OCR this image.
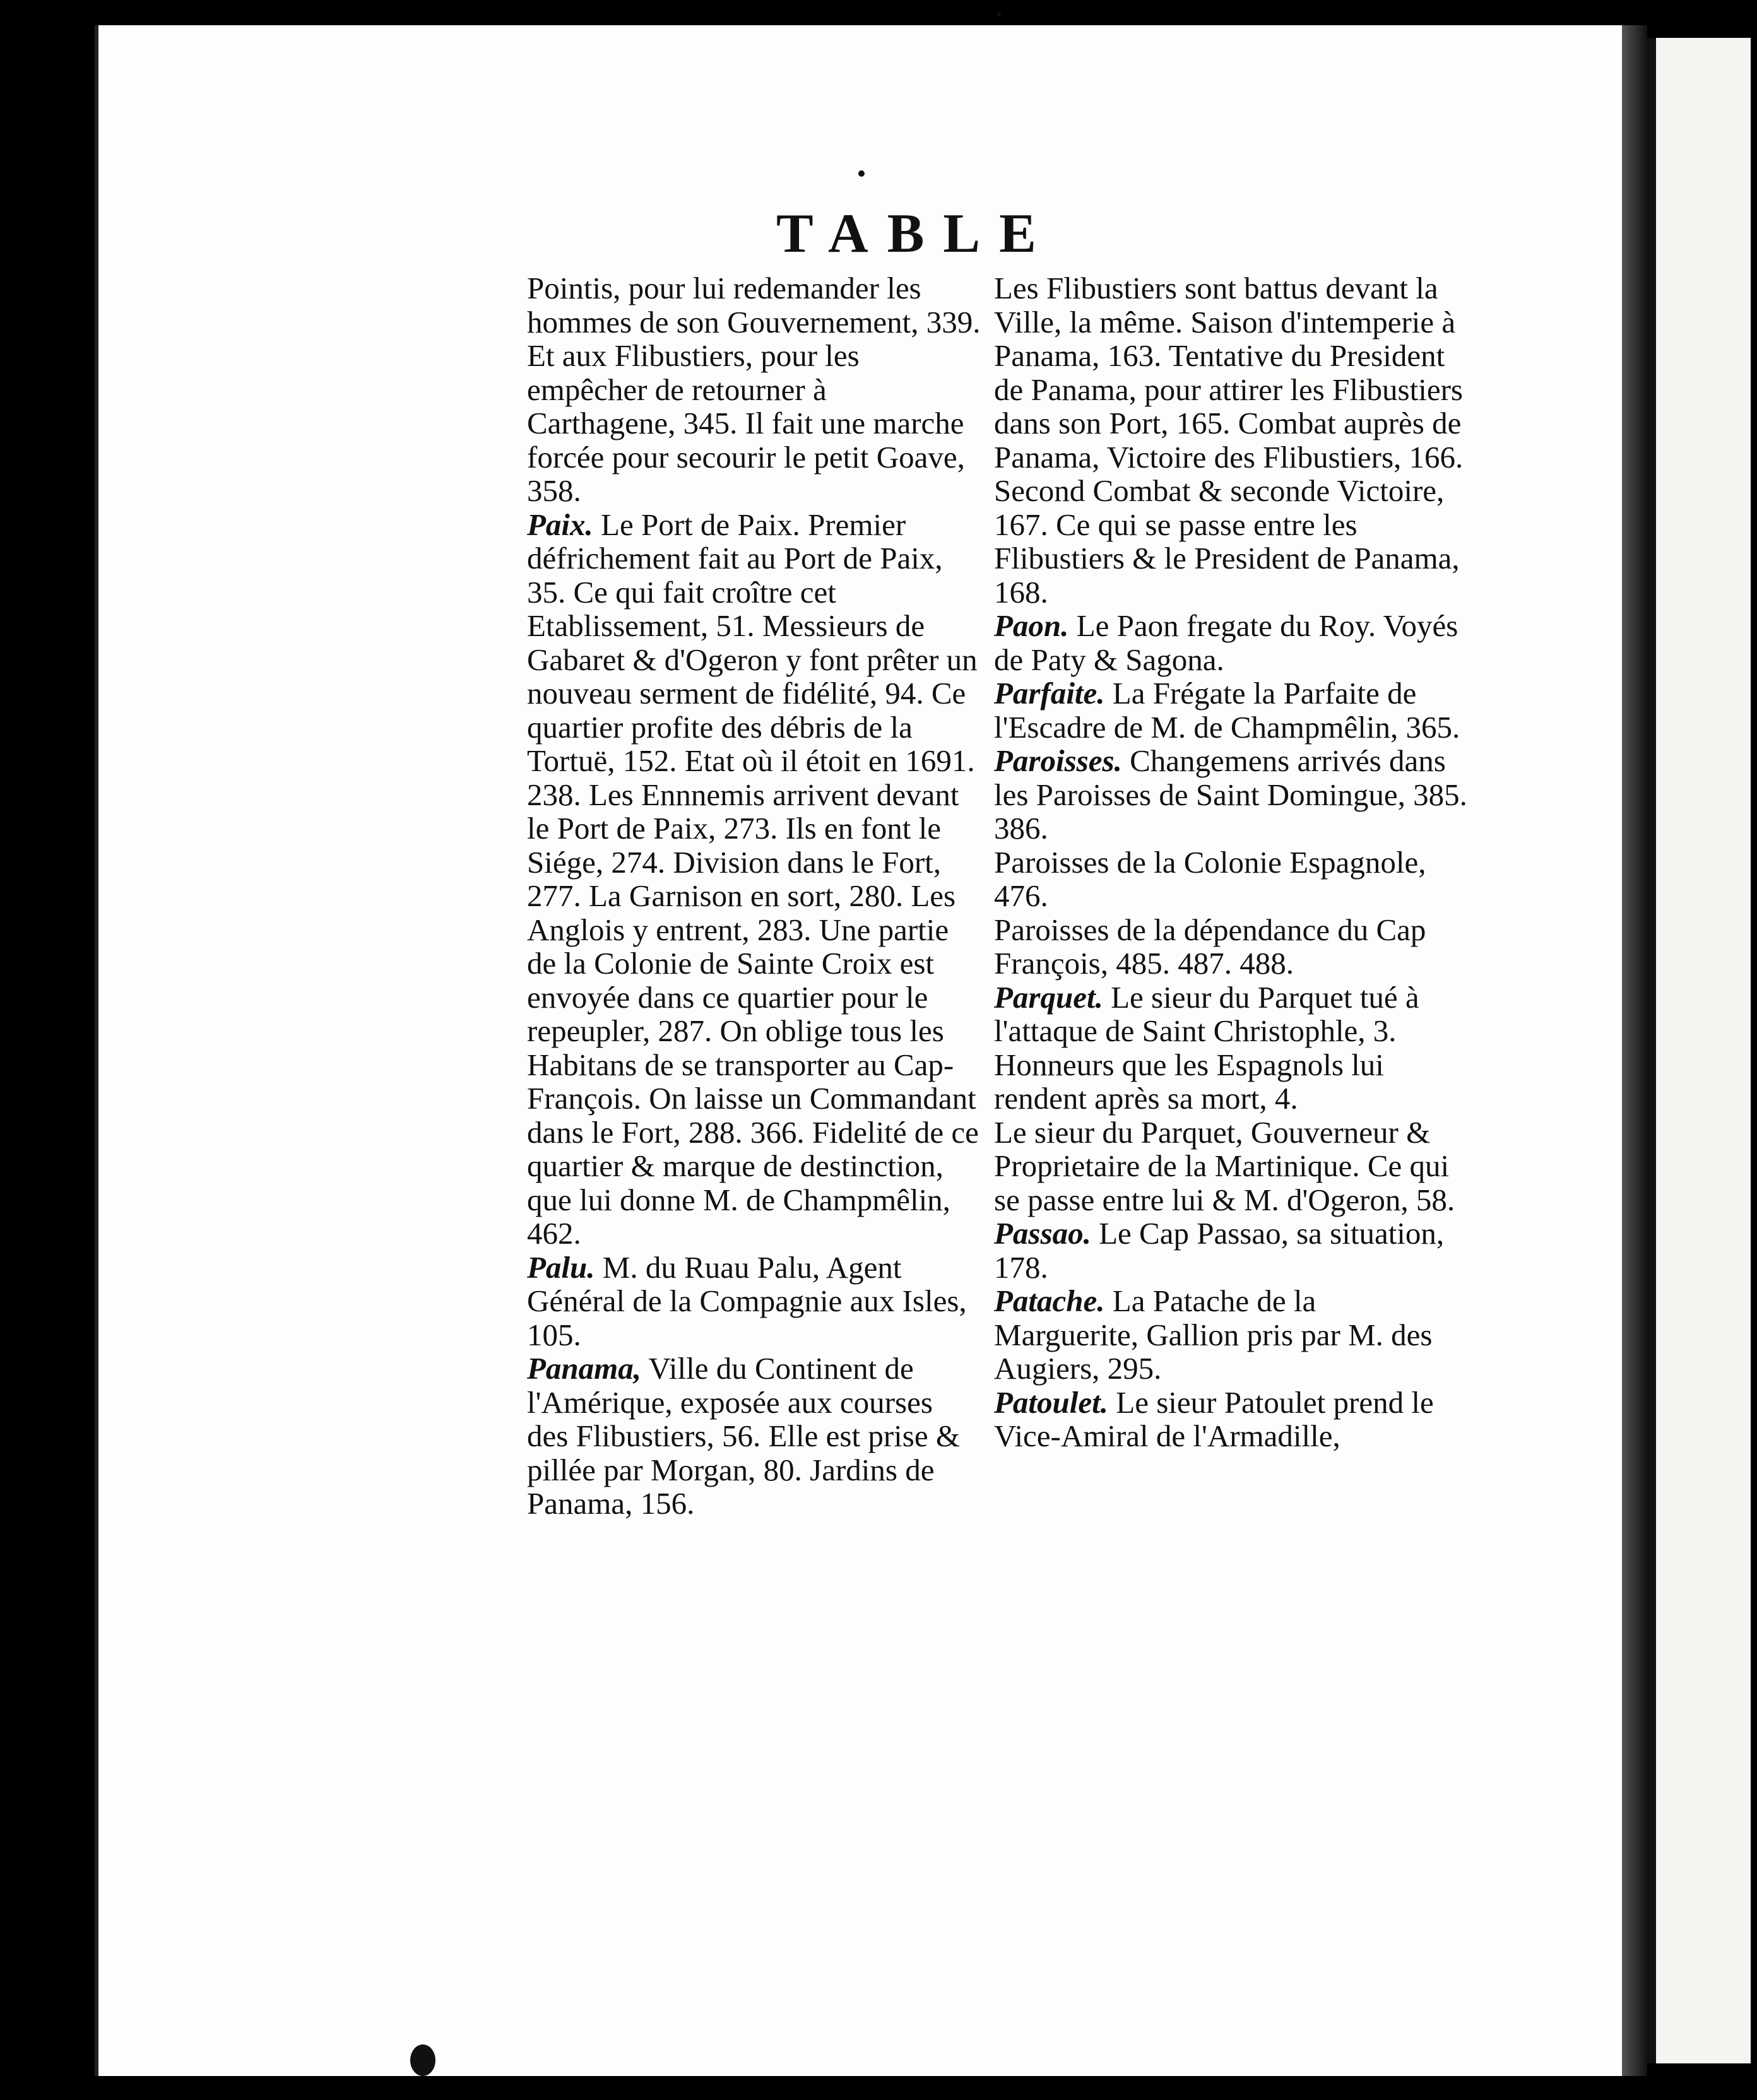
TABLE

Pointis, pour lui redemander les hommes de son Gouvernement, 339. Et aux Flibustiers, pour les empêcher de retourner à Carthagene, 345. Il fait une marche forcée pour secourir le petit Goave, 358.

Paix. Le Port de Paix. Premier défrichement fait au Port de Paix, 35. Ce qui fait croître cet Etablissement, 51. Messieurs de Gabaret & d'Ogeron y font prêter un nouveau serment de fidélité, 94. Ce quartier profite des débris de la Tortuë, 152. Etat où il étoit en 1691. 238. Les Ennnemis arrivent devant le Port de Paix, 273. Ils en font le Siége, 274. Division dans le Fort, 277. La Garnison en sort, 280. Les Anglois y entrent, 283. Une partie de la Colonie de Sainte Croix est envoyée dans ce quartier pour le repeupler, 287. On oblige tous les Habitans de se transporter au Cap-François. On laisse un Commandant dans le Fort, 288. 366. Fidelité de ce quartier & marque de destinction, que lui donne M. de Champmêlin, 462.

Palu. M. du Ruau Palu, Agent Général de la Compagnie aux Isles, 105.

Panama, Ville du Continent de l'Amérique, exposée aux courses des Flibustiers, 56. Elle est prise & pillée par Morgan, 80. Jardins de Panama, 156.

Les Flibustiers sont battus devant la Ville, la même. Saison d'intemperie à Panama, 163. Tentative du President de Panama, pour attirer les Flibustiers dans son Port, 165. Combat auprès de Panama, Victoire des Flibustiers, 166. Second Combat & seconde Victoire, 167. Ce qui se passe entre les Flibustiers & le President de Panama, 168.

Paon. Le Paon fregate du Roy. Voyés de Paty & Sagona.

Parfaite. La Frégate la Parfaite de l'Escadre de M. de Champmêlin, 365.

Paroisses. Changemens arrivés dans les Paroisses de Saint Domingue, 385. 386.

Paroisses de la Colonie Espagnole, 476.

Paroisses de la dépendance du Cap François, 485. 487. 488.

Parquet. Le sieur du Parquet tué à l'attaque de Saint Christophle, 3. Honneurs que les Espagnols lui rendent après sa mort, 4.

Le sieur du Parquet, Gouverneur & Proprietaire de la Martinique. Ce qui se passe entre lui & M. d'Ogeron, 58.

Passao. Le Cap Passao, sa situation, 178.

Patache. La Patache de la Marguerite, Gallion pris par M. des Augiers, 295.

Patoulet. Le sieur Patoulet prend le Vice-Amiral de l'Armadille,
